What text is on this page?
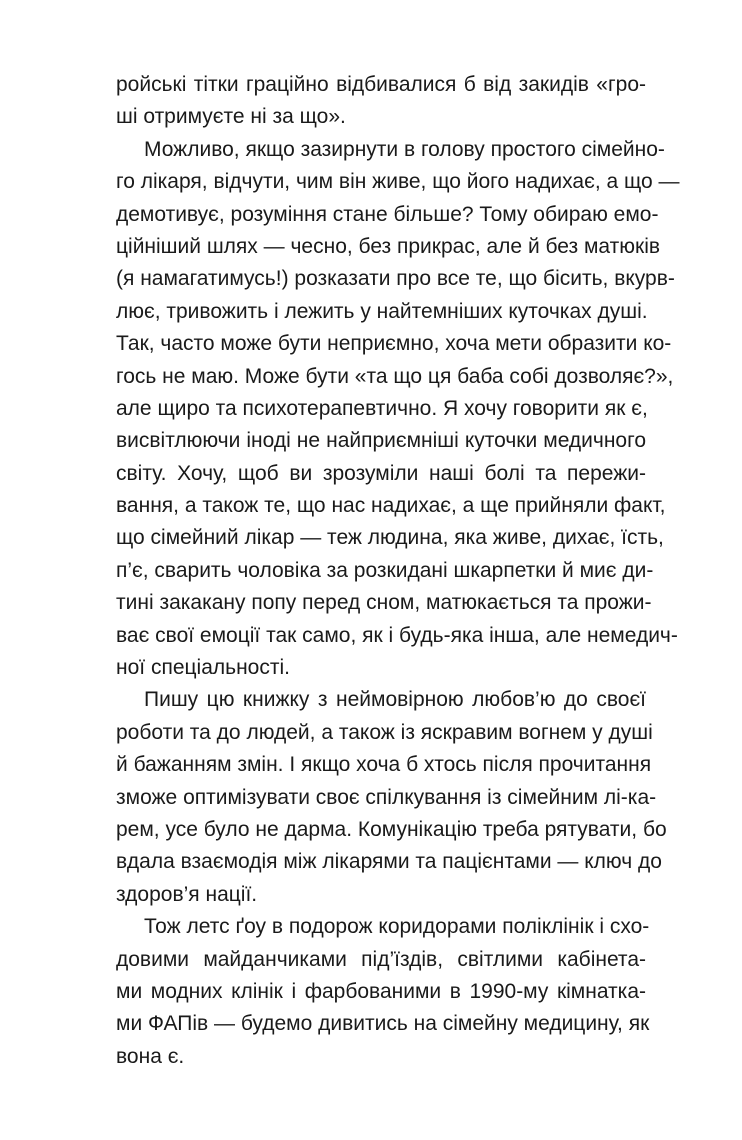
ройські тітки граційно відбивалися б від закидів «гро-
ші отримуєте ні за що».

Можливо, якщо зазирнути в голову простого сімейно-
го лікаря, відчути, чим він живе, що його надихає, а що —
демотивує, розуміння стане більше? Тому обираю емо-
ційніший шлях — чесно, без прикрас, але й без матюків
(я намагатимусь!) розказати про все те, що бісить, вкурв-
лює, тривожить і лежить у найтемніших куточках душі.
Так, часто може бути неприємно, хоча мети образити ко-
гось не маю. Може бути «та що ця баба собі дозволяє?»,
але щиро та психотерапевтично. Я хочу говорити як є,
висвітлюючи іноді не найприємніші куточки медичного
світу. Хочу, щоб ви зрозуміли наші болі та пережи-
вання, а також те, що нас надихає, а ще прийняли факт,
що сімейний лікар — теж людина, яка живе, дихає, їсть,
п’є, сварить чоловіка за розкидані шкарпетки й миє ди-
тині закакану попу перед сном, матюкається та прожи-
ває свої емоції так само, як і будь-яка інша, але немедич-
ної спеціальності.

Пишу цю книжку з неймовірною любов’ю до своєї
роботи та до людей, а також із яскравим вогнем у душі
й бажанням змін. І якщо хоча б хтось після прочитання
зможе оптимізувати своє спілкування із сімейним лі-ка-
рем, усе було не дарма. Комунікацію треба рятувати, бо
вдала взаємодія між лікарями та пацієнтами — ключ до
здоров’я нації.

Тож летс ґоу в подорож коридорами поліклінік і схо-
довими майданчиками під’їздів, світлими кабінета-
ми модних клінік і фарбованими в 1990-му кімнатка-
ми ФАПів — будемо дивитись на сімейну медицину, як
вона є.
